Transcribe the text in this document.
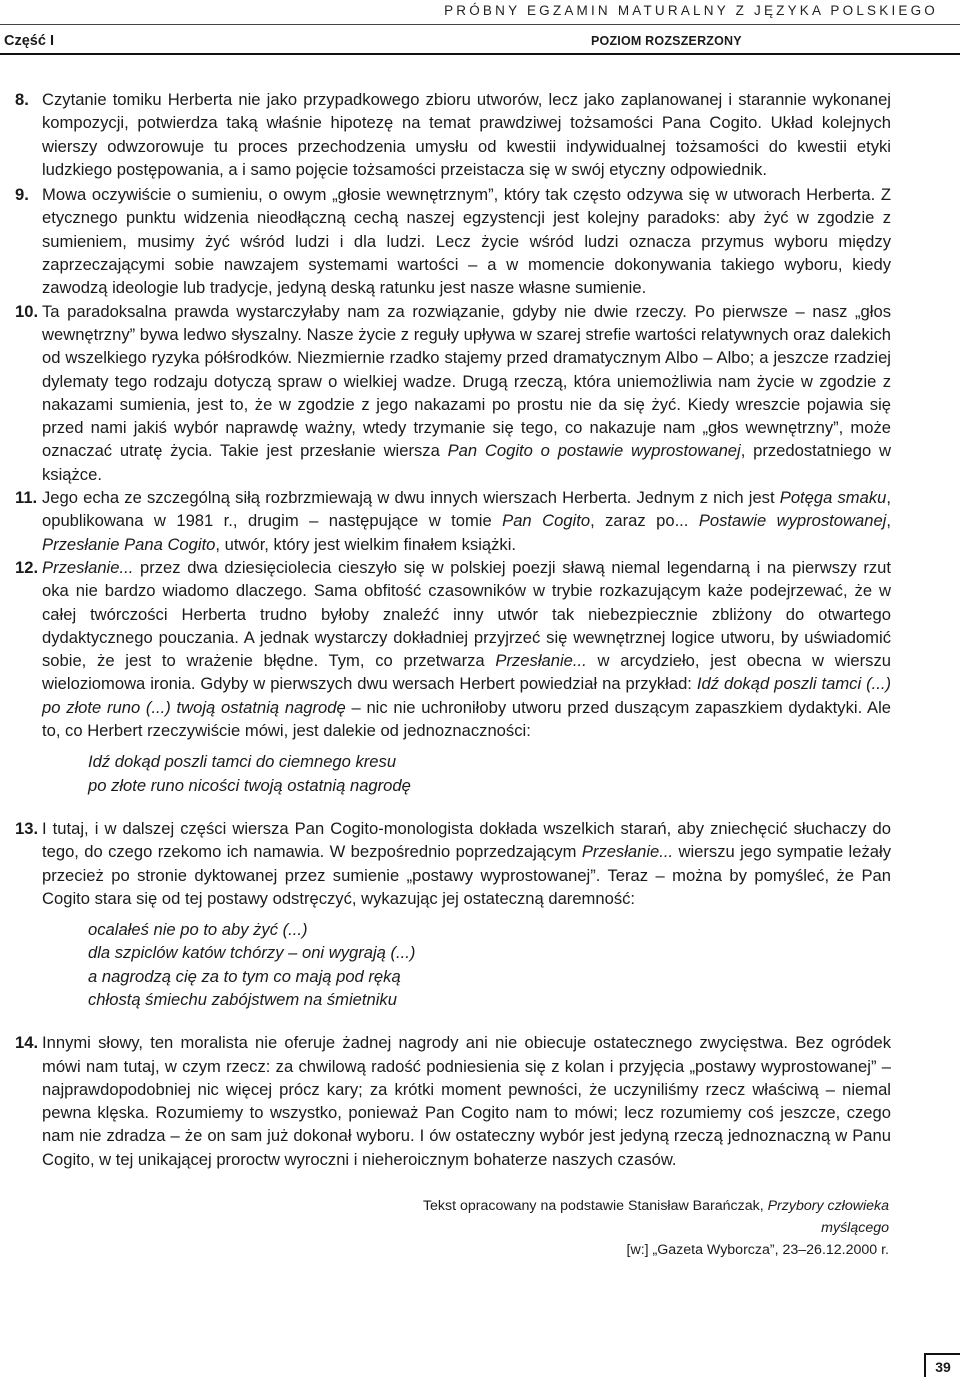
PRÓBNY EGZAMIN MATURALNY Z JĘZYKA POLSKIEGO
Część I	POZIOM ROZSZERZONY
8. Czytanie tomiku Herberta nie jako przypadkowego zbioru utworów, lecz jako zaplanowanej i starannie wykonanej kompozycji, potwierdza taką właśnie hipotezę na temat prawdziwej tożsamości Pana Cogito. Układ kolejnych wierszy odwzorowuje tu proces przechodzenia umysłu od kwestii indywidualnej tożsamości do kwestii etyki ludzkiego postępowania, a i samo pojęcie tożsamości przeistacza się w swój etyczny odpowiednik.
9. Mowa oczywiście o sumieniu, o owym „głosie wewnętrznym”, który tak często odzywa się w utworach Herberta. Z etycznego punktu widzenia nieodłączną cechą naszej egzystencji jest kolejny paradoks: aby żyć w zgodzie z sumieniem, musimy żyć wśród ludzi i dla ludzi. Lecz życie wśród ludzi oznacza przymus wyboru między zaprzeczającymi sobie nawzajem systemami wartości – a w momencie dokonywania takiego wyboru, kiedy zawodzą ideologie lub tradycje, jedyną deską ratunku jest nasze własne sumienie.
10. Ta paradoksalna prawda wystarczyłaby nam za rozwiązanie, gdyby nie dwie rzeczy. Po pierwsze – nasz „głos wewnętrzny” bywa ledwo słyszalny. Nasze życie z reguły upływa w szarej strefie wartości relatywnych oraz dalekich od wszelkiego ryzyka półśrodków. Niezmiernie rzadko stajemy przed dramatycznym Albo – Albo; a jeszcze rzadziej dylematy tego rodzaju dotyczą spraw o wielkiej wadze. Drugą rzeczą, która uniemożliwia nam życie w zgodzie z nakazami sumienia, jest to, że w zgodzie z jego nakazami po prostu nie da się żyć. Kiedy wreszcie pojawia się przed nami jakiś wybór naprawdę ważny, wtedy trzymanie się tego, co nakazuje nam „głos wewnętrzny”, może oznaczać utratę życia. Takie jest przesłanie wiersza Pan Cogito o postawie wyprostowanej, przedostatniego w książce.
11. Jego echa ze szczególną siłą rozbrzmiewają w dwu innych wierszach Herberta. Jednym z nich jest Potęga smaku, opublikowana w 1981 r., drugim – następujące w tomie Pan Cogito, zaraz po... Postawie wyprostowanej, Przesłanie Pana Cogito, utwór, który jest wielkim finałem książki.
12. Przesłanie... przez dwa dziesięciolecia cieszyło się w polskiej poezji sławą niemal legendarną i na pierwszy rzut oka nie bardzo wiadomo dlaczego. Sama obfitość czasowników w trybie rozkazującym każe podejrzewać, że w całej twórczości Herberta trudno byłoby znaleźć inny utwór tak niebezpiecznie zbliżony do otwartego dydaktycznego pouczania. A jednak wystarczy dokładniej przyjrzeć się wewnętrznej logice utworu, by uświadomić sobie, że jest to wrażenie błędne. Tym, co przetwarza Przesłanie... w arcydzieło, jest obecna w wierszu wieloziomowa ironia. Gdyby w pierwszych dwu wersach Herbert powiedział na przykład: Idź dokąd poszli tamci (...) po złote runo (...) twoją ostatnią nagrodę – nic nie uchroniłoby utworu przed duszącym zapaszkiem dydaktyki. Ale to, co Herbert rzeczywiście mówi, jest dalekie od jednoznaczności:
Idź dokąd poszli tamci do ciemnego kresu
po złote runo nicości twoją ostatnią nagrodę
13. I tutaj, i w dalszej części wiersza Pan Cogito-monologista dokłada wszelkich starań, aby zniechęcić słuchaczy do tego, do czego rzekomo ich namawia. W bezpośrednio poprzedzającym Przesłanie... wierszu jego sympatie leżały przecież po stronie dyktowanej przez sumienie „postawy wyprostowanej”. Teraz – można by pomyśleć, że Pan Cogito stara się od tej postawy odstręczyć, wykazując jej ostateczną daremność:
ocalałeś nie po to aby żyć (...)
dla szpiclów katów tchórzy – oni wygrają (...)
a nagrodzą cię za to tym co mają pod ręką
chłostą śmiechu zabójstwem na śmietniku
14. Innymi słowy, ten moralista nie oferuje żadnej nagrody ani nie obiecuje ostatecznego zwycięstwa. Bez ogródek mówi nam tutaj, w czym rzecz: za chwilową radość podniesienia się z kolan i przyjęcia „postawy wyprostowanej” – najprawdopodobniej nic więcej prócz kary; za krótki moment pewności, że uczyniliśmy rzecz właściwą – niemal pewna klęska. Rozumiemy to wszystko, ponieważ Pan Cogito nam to mówi; lecz rozumiemy coś jeszcze, czego nam nie zdradza – że on sam już dokonał wyboru. I ów ostateczny wybór jest jedyną rzeczą jednoznaczną w Panu Cogito, w tej unikającej proroctw wyroczni i nieheroicznym bohaterze naszych czasów.
Tekst opracowany na podstawie Stanisław Barańczak, Przybory człowieka myślącego
[w:] „Gazeta Wyborcza”, 23–26.12.2000 r.
39
